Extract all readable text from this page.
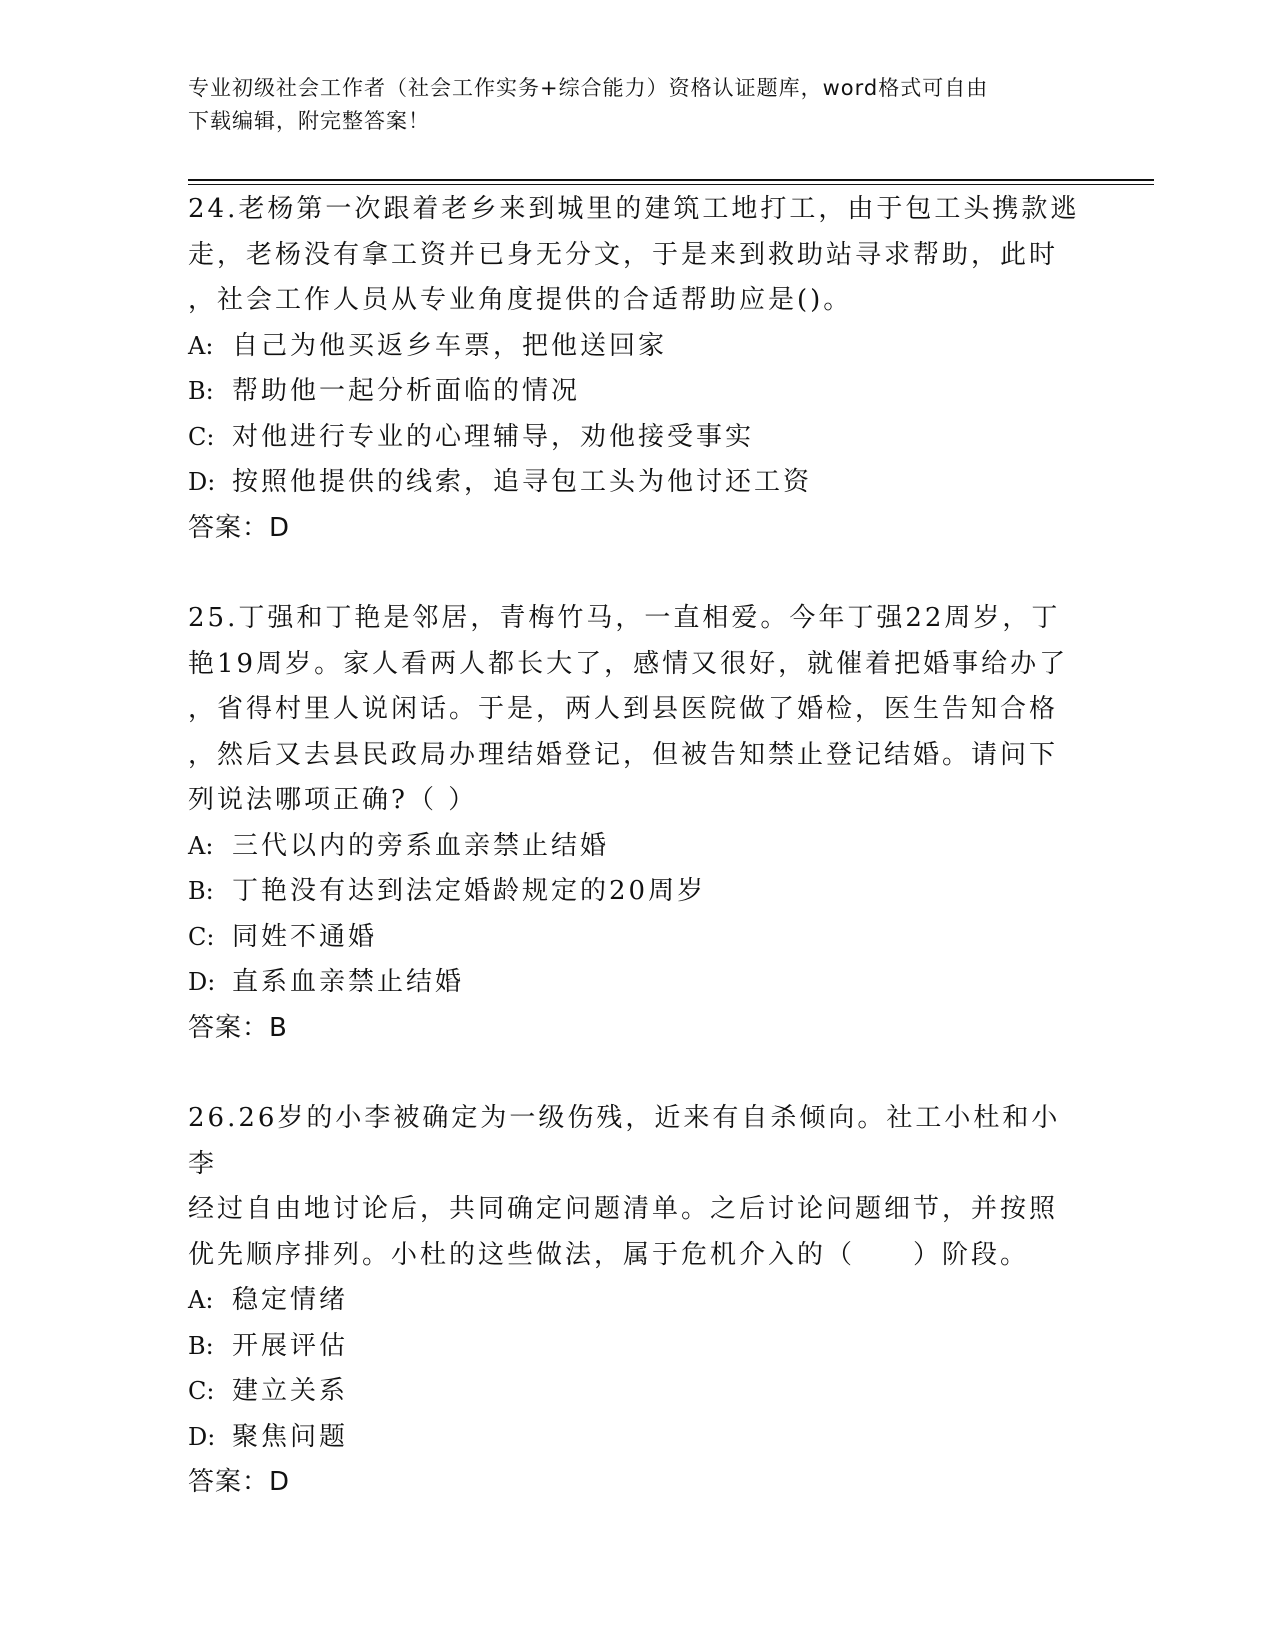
专业初级社会工作者（社会工作实务+综合能力）资格认证题库，word格式可自由
下载编辑，附完整答案！
24.老杨第一次跟着老乡来到城里的建筑工地打工，由于包工头携款逃
走，老杨没有拿工资并已身无分文，于是来到救助站寻求帮助，此时
，社会工作人员从专业角度提供的合适帮助应是()。
A: 自己为他买返乡车票，把他送回家
B: 帮助他一起分析面临的情况
C: 对他进行专业的心理辅导，劝他接受事实
D: 按照他提供的线索，追寻包工头为他讨还工资
答案：D
25.丁强和丁艳是邻居，青梅竹马，一直相爱。今年丁强22周岁，丁
艳19周岁。家人看两人都长大了，感情又很好，就催着把婚事给办了
，省得村里人说闲话。于是，两人到县医院做了婚检，医生告知合格
，然后又去县民政局办理结婚登记，但被告知禁止登记结婚。请问下
列说法哪项正确?（ ）
A: 三代以内的旁系血亲禁止结婚
B: 丁艳没有达到法定婚龄规定的20周岁
C: 同姓不通婚
D: 直系血亲禁止结婚
答案：B
26.26岁的小李被确定为一级伤残，近来有自杀倾向。社工小杜和小李
经过自由地讨论后，共同确定问题清单。之后讨论问题细节，并按照
优先顺序排列。小杜的这些做法，属于危机介入的（　　）阶段。
A: 稳定情绪
B: 开展评估
C: 建立关系
D: 聚焦问题
答案：D
